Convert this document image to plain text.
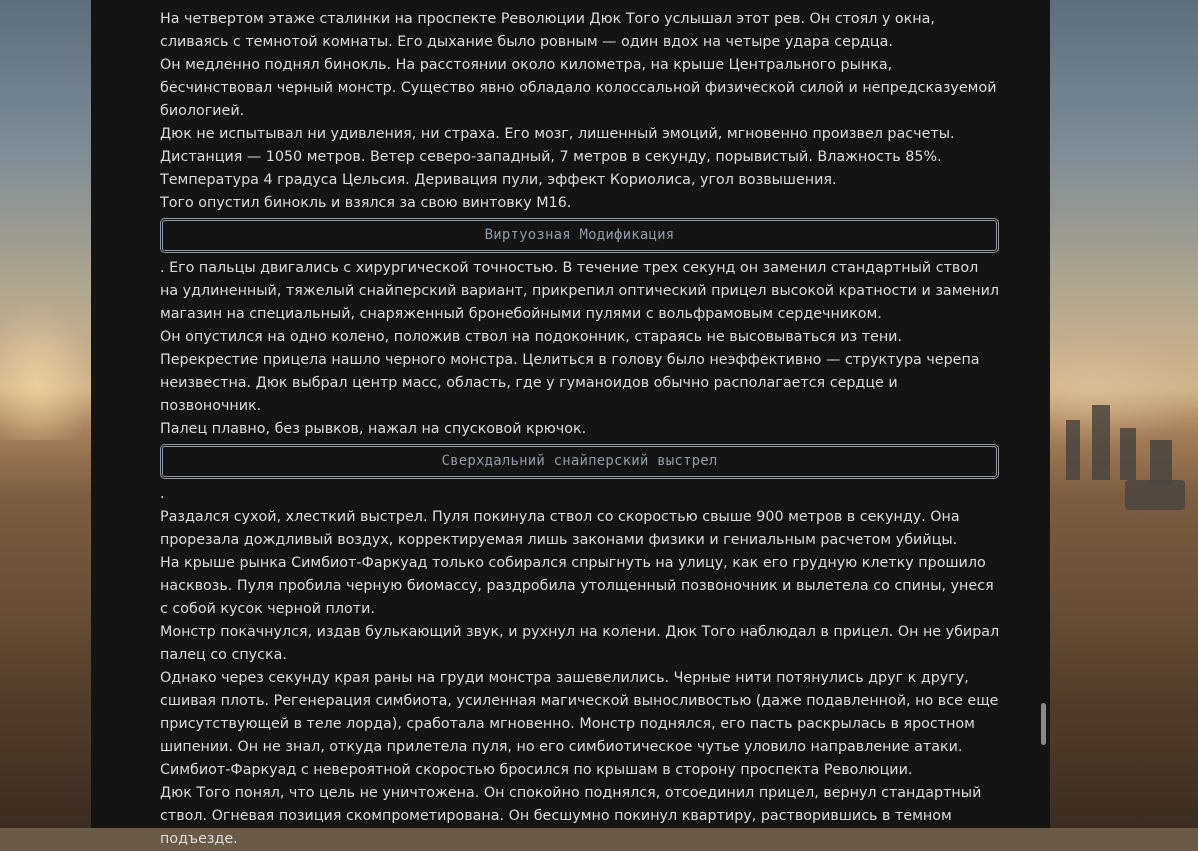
На четвертом этаже сталинки на проспекте Революции Дюк Того услышал этот рев. Он стоял у окна, сливаясь с темнотой комнаты. Его дыхание было ровным — один вдох на четыре удара сердца.

Он медленно поднял бинокль. На расстоянии около километра, на крыше Центрального рынка, бесчинствовал черный монстр. Существо явно обладало колоссальной физической силой и непредсказуемой биологией.

Дюк не испытывал ни удивления, ни страха. Его мозг, лишенный эмоций, мгновенно произвел расчеты. Дистанция — 1050 метров. Ветер северо-западный, 7 метров в секунду, порывистый. Влажность 85%. Температура 4 градуса Цельсия. Деривация пули, эффект Кориолиса, угол возвышения.

Того опустил бинокль и взялся за свою винтовку М16.

Виртуозная Модификация

. Его пальцы двигались с хирургической точностью. В течение трех секунд он заменил стандартный ствол на удлиненный, тяжелый снайперский вариант, прикрепил оптический прицел высокой кратности и заменил магазин на специальный, снаряженный бронебойными пулями с вольфрамовым сердечником.

Он опустился на одно колено, положив ствол на подоконник, стараясь не высовываться из тени. Перекрестие прицела нашло черного монстра. Целиться в голову было неэффективно — структура черепа неизвестна. Дюк выбрал центр масс, область, где у гуманоидов обычно располагается сердце и позвоночник.

Палец плавно, без рывков, нажал на спусковой крючок.

Сверхдальний снайперский выстрел

.

Раздался сухой, хлесткий выстрел. Пуля покинула ствол со скоростью свыше 900 метров в секунду. Она прорезала дождливый воздух, корректируемая лишь законами физики и гениальным расчетом убийцы.

На крыше рынка Симбиот-Фаркуад только собирался спрыгнуть на улицу, как его грудную клетку прошило насквозь. Пуля пробила черную биомассу, раздробила утолщенный позвоночник и вылетела со спины, унеся с собой кусок черной плоти.

Монстр покачнулся, издав булькающий звук, и рухнул на колени. Дюк Того наблюдал в прицел. Он не убирал палец со спуска.

Однако через секунду края раны на груди монстра зашевелились. Черные нити потянулись друг к другу, сшивая плоть. Регенерация симбиота, усиленная магической выносливостью (даже подавленной, но все еще присутствующей в теле лорда), сработала мгновенно. Монстр поднялся, его пасть раскрылась в яростном шипении. Он не знал, откуда прилетела пуля, но его симбиотическое чутье уловило направление атаки. Симбиот-Фаркуад с невероятной скоростью бросился по крышам в сторону проспекта Революции.

Дюк Того понял, что цель не уничтожена. Он спокойно поднялся, отсоединил прицел, вернул стандартный ствол. Огневая позиция скомпрометирована. Он бесшумно покинул квартиру, растворившись в темном подъезде.
